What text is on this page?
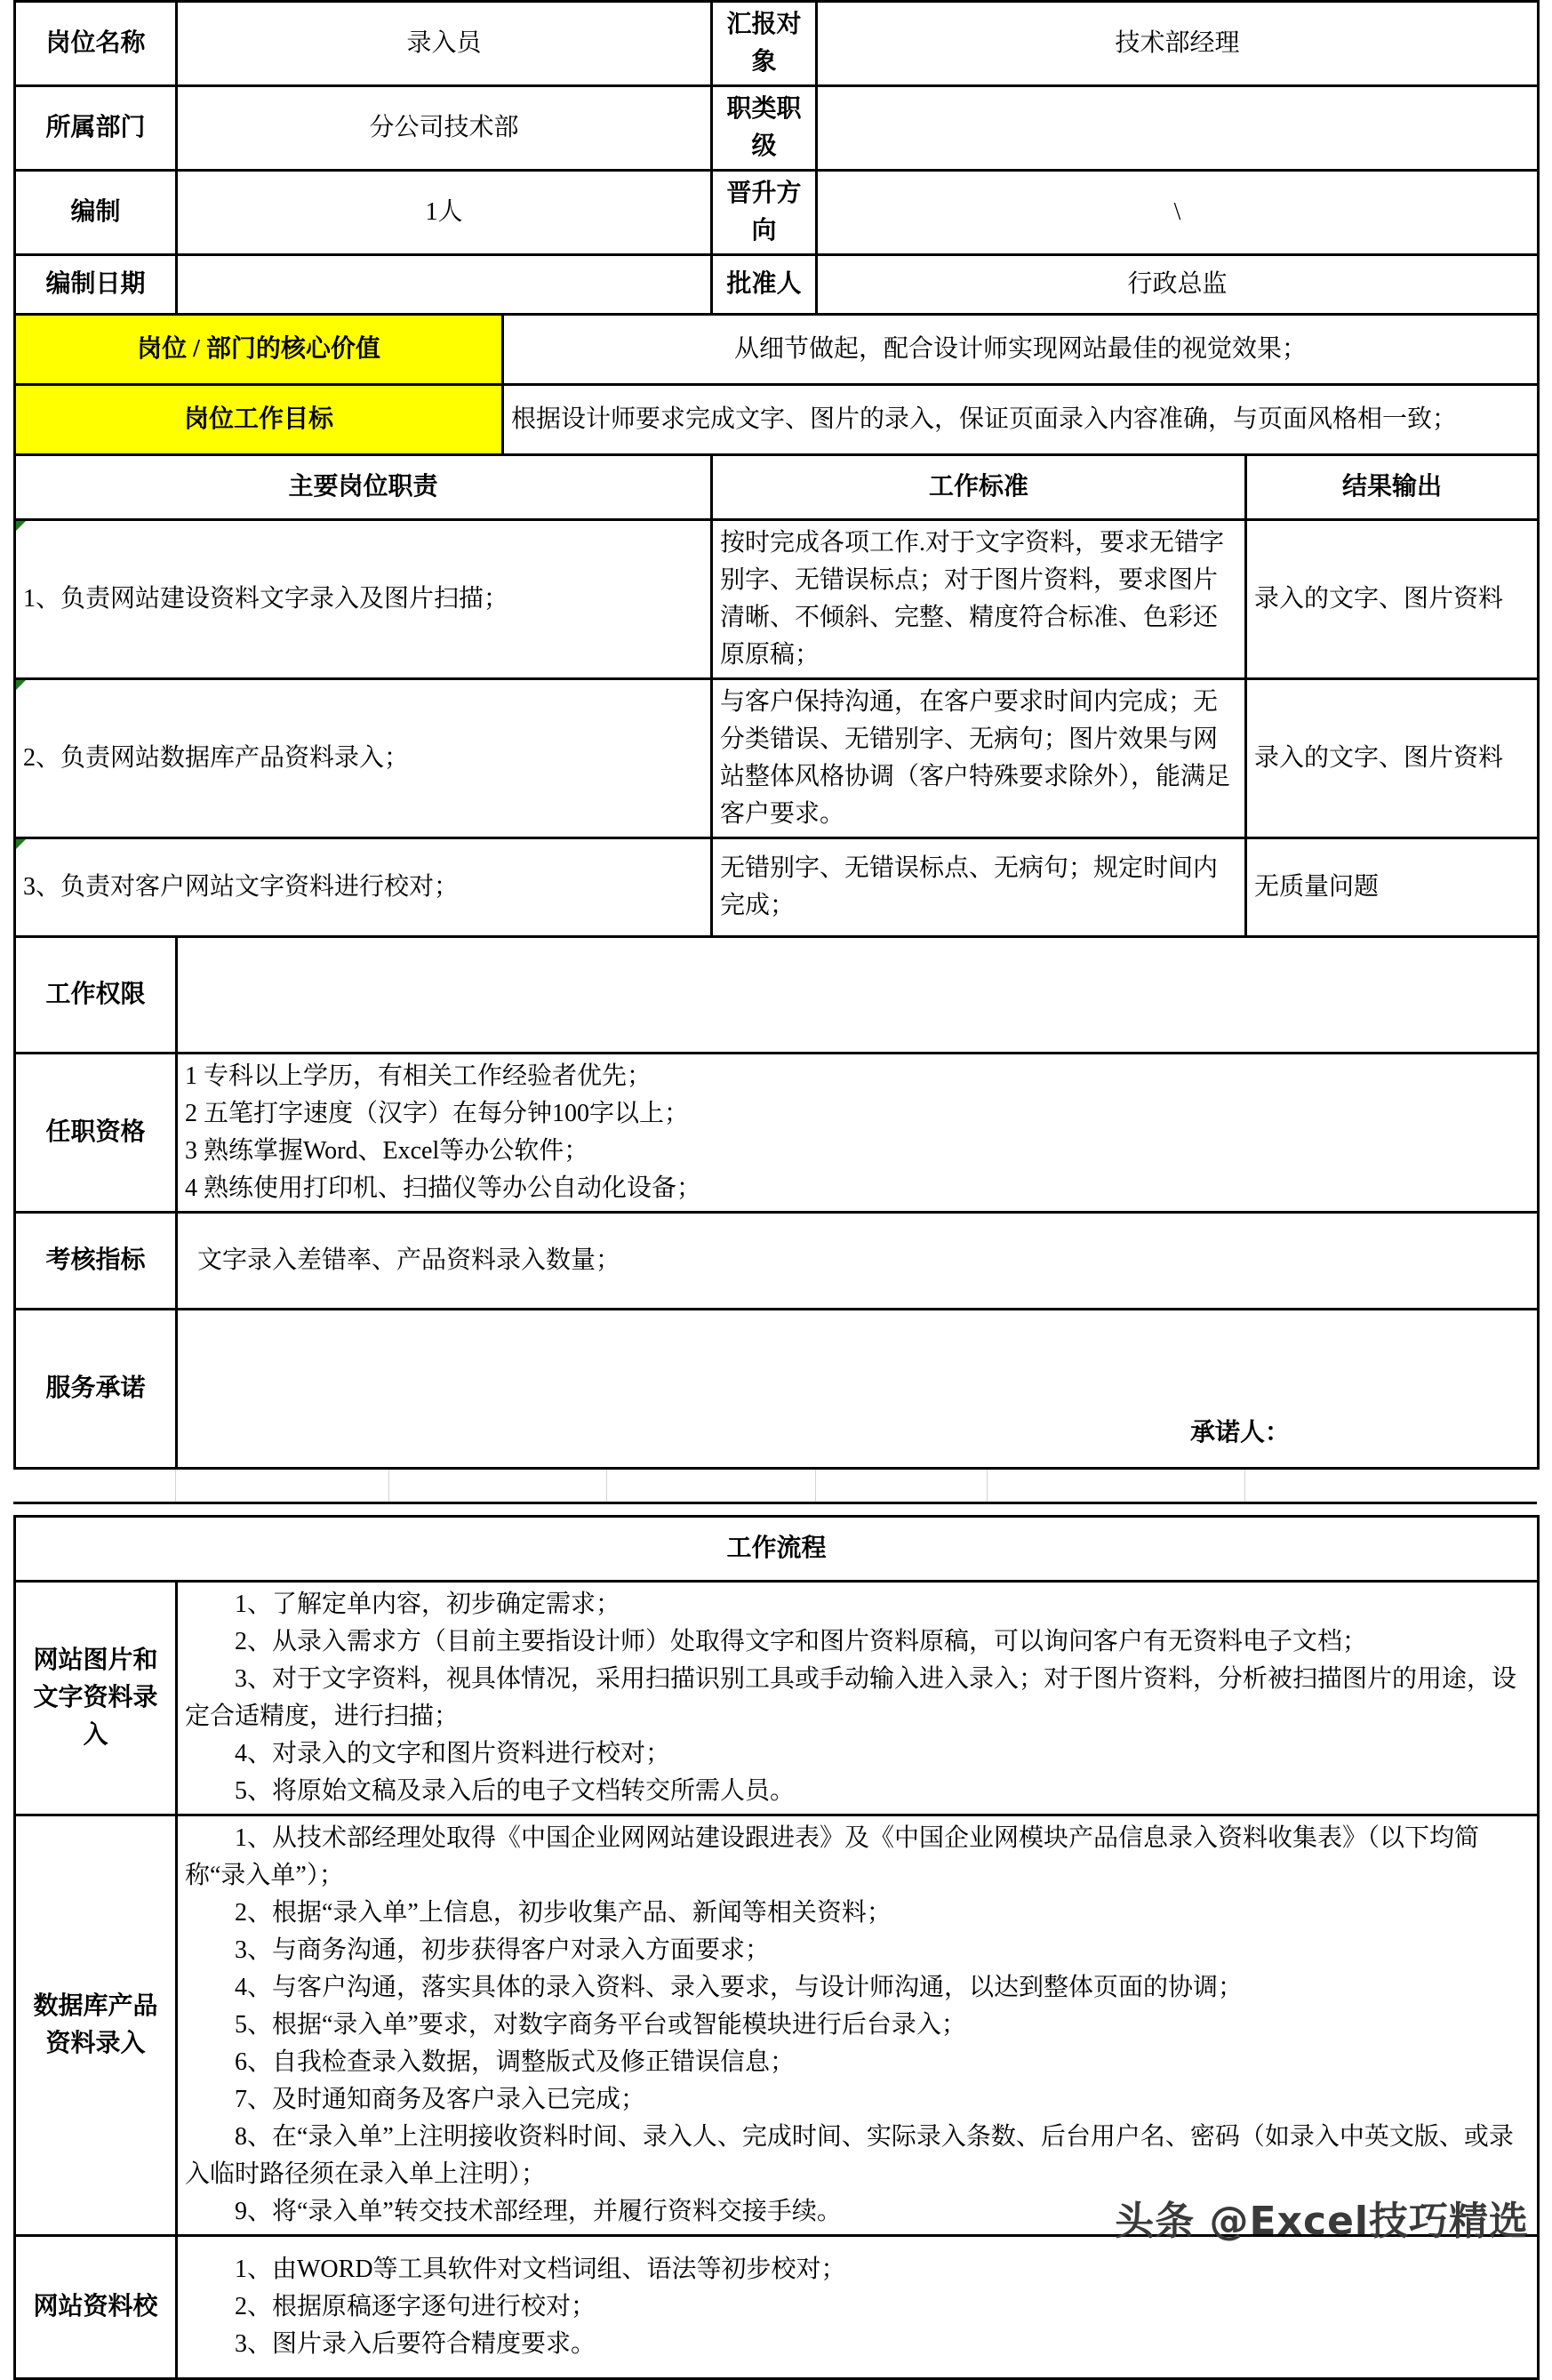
岗位名称	录入员		汇报对象	技术部经理	
所属部门	分公司技术部		职类职级		
编制	1人		晋升方向	\	
编制日期			批准人	行政总监	
岗位 / 部门的核心价值		从细节做起，配合设计师实现网站最佳的视觉效果；			
岗位工作目标		根据设计师要求完成文字、图片的录入，保证页面录入内容准确，与页面风格相一致；			
主要岗位职责			工作标准		结果输出
1、负责网站建设资料文字录入及图片扫描；			按时完成各项工作.对于文字资料，要求无错字别字、无错误标点；对于图片资料，要求图片清晰、不倾斜、完整、精度符合标准、色彩还原原稿；		录入的文字、图片资料
2、负责网站数据库产品资料录入；			与客户保持沟通，在客户要求时间内完成；无分类错误、无错别字、无病句；图片效果与网站整体风格协调（客户特殊要求除外），能满足客户要求。		录入的文字、图片资料
3、负责对客户网站文字资料进行校对；			无错别字、无错误标点、无病句；规定时间内完成；		无质量问题
工作权限					
任职资格	1 专科以上学历，有相关工作经验者优先；

2 五笔打字速度（汉字）在每分钟100字以上；

3 熟练掌握Word、Excel等办公软件；

4 熟练使用打印机、扫描仪等办公自动化设备；				

考核指标	文字录入差错率、产品资料录入数量；				
服务承诺	承诺人：				
工作流程	
网站图片和文字资料录入	1、了解定单内容，初步确定需求；

2、从录入需求方（目前主要指设计师）处取得文字和图片资料原稿，可以询问客户有无资料电子文档；

3、对于文字资料，视具体情况，采用扫描识别工具或手动输入进入录入；对于图片资料，分析被扫描图片的用途，设定合适精度，进行扫描；

4、对录入的文字和图片资料进行校对；

5、将原始文稿及录入后的电子文档转交所需人员。

数据库产品资料录入	

1、从技术部经理处取得《中国企业网网站建设跟进表》及《中国企业网模块产品信息录入资料收集表》（以下均简称“录入单”）；

2、根据“录入单”上信息，初步收集产品、新闻等相关资料；

3、与商务沟通，初步获得客户对录入方面要求；

4、与客户沟通，落实具体的录入资料、录入要求，与设计师沟通，以达到整体页面的协调；

5、根据“录入单”要求，对数字商务平台或智能模块进行后台录入；

6、自我检查录入数据，调整版式及修正错误信息；

7、及时通知商务及客户录入已完成；

8、在“录入单”上注明接收资料时间、录入人、完成时间、实际录入条数、后台用户名、密码（如录入中英文版、或录入临时路径须在录入单上注明）；

9、将“录入单”转交技术部经理，并履行资料交接手续。

网站资料校	1、由WORD等工具软件对文档词组、语法等初步校对；

2、根据原稿逐字逐句进行校对；

3、图片录入后要符合精度要求。

头条 @Excel技巧精选
